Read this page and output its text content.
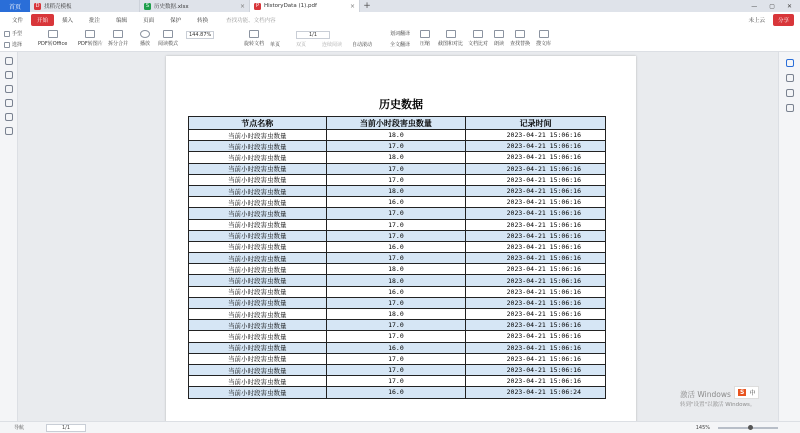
首页	D 找稻壳模板	S 历史数据.xlsx	×	P HistoryData (1).pdf	× +	— ▢ ✕
文件	开始	插入	批注	编辑	页面	保护	转换	查找功能、文档内容	未上云	分享
手型
选择	PDF转Office PDF转图片 拆分合并 播放 阅读模式
144.87%
旋转文档 单页	双页	连续阅读
1/1
自动滚动
划词翻译
全文翻译 压缩 截图和对比 文档比对 朗读 查找替换 搜文库
历史数据
节点名称	当前小时段害虫数量	记录时间
当前小时段害虫数量	18.0	2023-04-21 15:06:16
当前小时段害虫数量	17.0	2023-04-21 15:06:16
当前小时段害虫数量	18.0	2023-04-21 15:06:16
当前小时段害虫数量	17.0	2023-04-21 15:06:16
当前小时段害虫数量	17.0	2023-04-21 15:06:16
当前小时段害虫数量	18.0	2023-04-21 15:06:16
当前小时段害虫数量	16.0	2023-04-21 15:06:16
当前小时段害虫数量	17.0	2023-04-21 15:06:16
当前小时段害虫数量	17.0	2023-04-21 15:06:16
当前小时段害虫数量	17.0	2023-04-21 15:06:16
当前小时段害虫数量	16.0	2023-04-21 15:06:16
当前小时段害虫数量	17.0	2023-04-21 15:06:16
当前小时段害虫数量	18.0	2023-04-21 15:06:16
当前小时段害虫数量	18.0	2023-04-21 15:06:16
当前小时段害虫数量	16.0	2023-04-21 15:06:16
当前小时段害虫数量	17.0	2023-04-21 15:06:16
当前小时段害虫数量	18.0	2023-04-21 15:06:16
当前小时段害虫数量	17.0	2023-04-21 15:06:16
当前小时段害虫数量	17.0	2023-04-21 15:06:16
当前小时段害虫数量	16.0	2023-04-21 15:06:16
当前小时段害虫数量	17.0	2023-04-21 15:06:16
当前小时段害虫数量	17.0	2023-04-21 15:06:16
当前小时段害虫数量	17.0	2023-04-21 15:06:16
当前小时段害虫数量	16.0	2023-04-21 15:06:24
导航	1/1	145%
激活 Windows
转到"设置"以激活 Windows。
S 中
